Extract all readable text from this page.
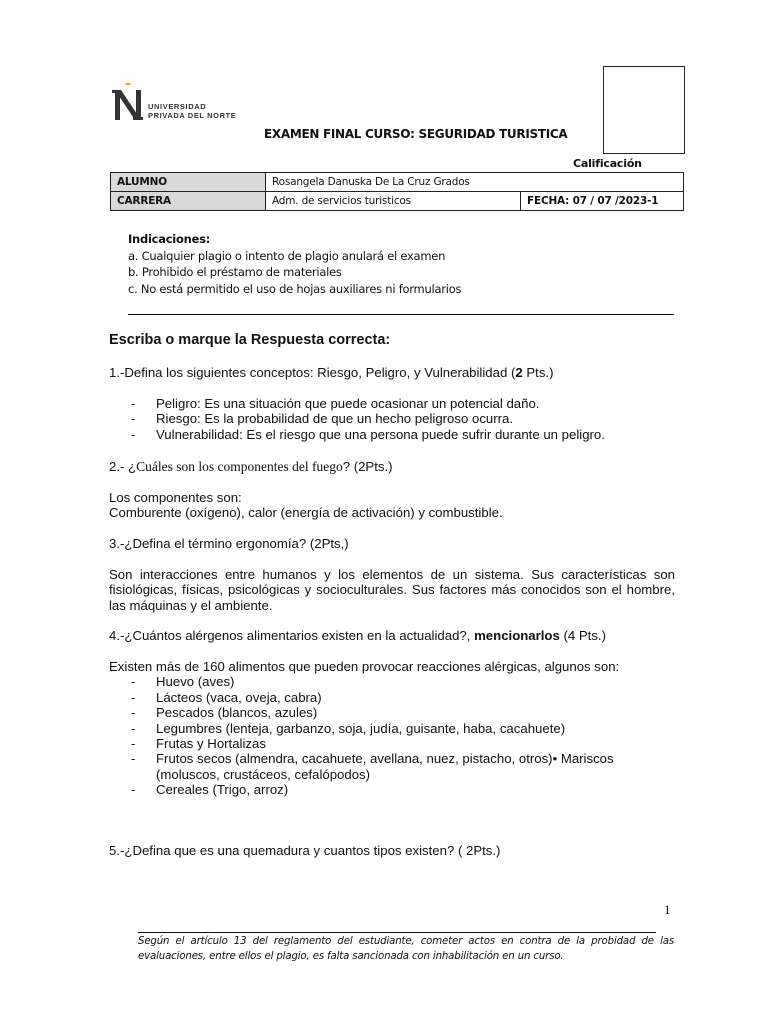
UNIVERSIDAD
PRIVADA DEL NORTE
Calificación
EXAMEN FINAL CURSO: SEGURIDAD TURISTICA
ALUMNO	Rosangela Danuska De La Cruz Grados	
CARRERA	Adm. de servicios turisticos	FECHA: 07 / 07 /2023-1
Indicaciones:
a. Cualquier plagio o intento de plagio anulará el examen
b. Prohibido el préstamo de materiales
c. No está permitido el uso de hojas auxiliares ni formularios
Escriba o marque la Respuesta correcta:
1.-Defina los siguientes conceptos: Riesgo, Peligro, y Vulnerabilidad (2 Pts.)
-	Peligro: Es una situación que puede ocasionar un potencial daño.
-	Riesgo: Es la probabilidad de que un hecho peligroso ocurra.
-	Vulnerabilidad: Es el riesgo que una persona puede sufrir durante un peligro.
2.- ¿Cuáles son los componentes del fuego? (2Pts.)
Los componentes son:
Comburente (oxígeno), calor (energía de activación) y combustible.
3.-¿Defina el término ergonomía? (2Pts,)
Son interacciones entre humanos y los elementos de un sistema. Sus características son fisiológicas, físicas, psicológicas y socioculturales. Sus factores más conocidos son el hombre, las máquinas y el ambiente.
4.-¿Cuántos alérgenos alimentarios existen en la actualidad?, mencionarlos (4 Pts.)
Existen más de 160 alimentos que pueden provocar reacciones alérgicas, algunos son:
-	Huevo (aves)
-	Lácteos (vaca, oveja, cabra)
-	Pescados (blancos, azules)
-	Legumbres (lenteja, garbanzo, soja, judía, guisante, haba, cacahuete)
-	Frutas y Hortalizas
-	Frutos secos (almendra, cacahuete, avellana, nuez, pistacho, otros)• Mariscos (moluscos, crustáceos, cefalópodos)
-	Cereales (Trigo, arroz)
5.-¿Defina que es una quemadura y cuantos tipos existen? ( 2Pts.)
1
Según el artículo 13 del reglamento del estudiante, cometer actos en contra de la probidad de las evaluaciones, entre ellos el plagio, es falta sancionada con inhabilitación en un curso.
